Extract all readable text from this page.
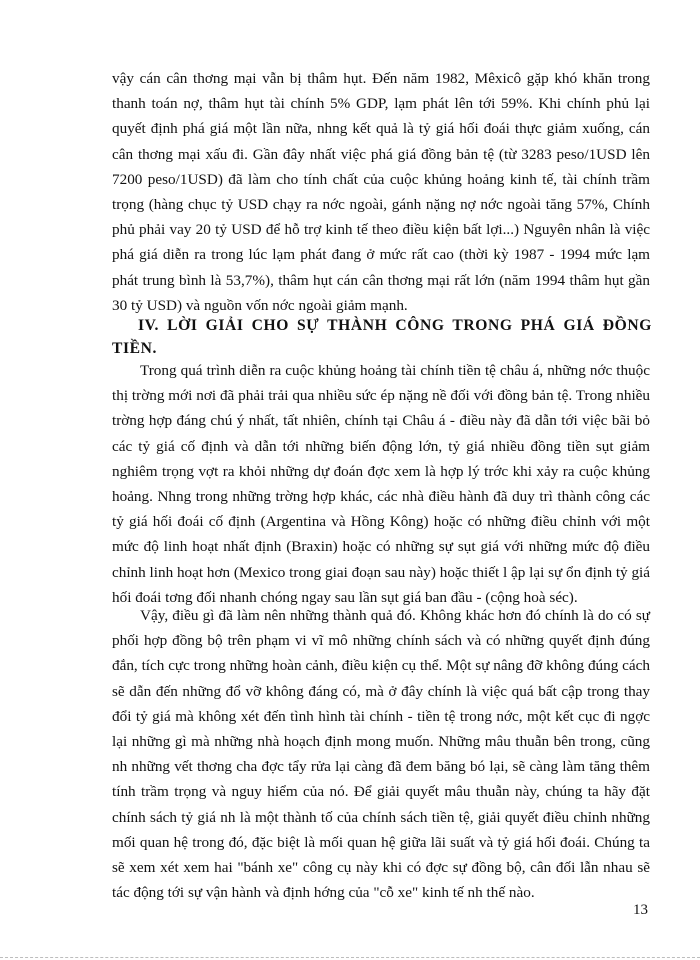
vậy cán cân thơng mại vẫn bị thâm hụt. Đến năm 1982, Mêxicô gặp khó khăn trong thanh toán nợ, thâm hụt tài chính 5% GDP, lạm phát lên tới 59%. Khi chính phủ lại quyết định phá giá một lần nữa, nhng kết quả là tỷ giá hối đoái thực giảm xuống, cán cân thơng mại xấu đi. Gần đây nhất việc phá giá đồng bản tệ (từ 3283 peso/1USD lên 7200 peso/1USD) đã làm cho tính chất của cuộc khủng hoảng kinh tế, tài chính trầm trọng (hàng chục tỷ USD chạy ra nớc ngoài, gánh nặng nợ nớc ngoài tăng 57%, Chính phủ phải vay 20 tỷ USD để hỗ trợ kinh tế theo điều kiện bất lợi...) Nguyên nhân là việc phá giá diễn ra trong lúc lạm phát đang ở mức rất cao (thời kỳ 1987 - 1994 mức lạm phát trung bình là 53,7%), thâm hụt cán cân thơng mại rất lớn (năm 1994 thâm hụt gần 30 tỷ USD) và nguồn vốn nớc ngoài giảm mạnh.

IV. LỜI GIẢI CHO SỰ THÀNH CÔNG TRONG PHÁ GIÁ ĐỒNG TIỀN.

Trong quá trình diễn ra cuộc khủng hoảng tài chính tiền tệ châu á, những nớc thuộc thị trờng mới nơi đã phải trải qua nhiều sức ép nặng nề đối với đồng bản tệ. Trong nhiều trờng hợp đáng chú ý nhất, tất nhiên, chính tại Châu á - điều này đã dẫn tới việc bãi bỏ các tỷ giá cố định và dẫn tới những biến động lớn, tỷ giá nhiều đồng tiền sụt giảm nghiêm trọng vợt ra khỏi những dự đoán đợc xem là hợp lý trớc khi xảy ra cuộc khủng hoảng. Nhng trong những trờng hợp khác, các nhà điều hành đã duy trì thành công các tỷ giá hối đoái cố định (Argentina và Hồng Kông) hoặc có những điều chỉnh với một mức độ linh hoạt nhất định (Braxin) hoặc có những sự sụt giá với những mức độ điều chỉnh linh hoạt hơn (Mexico trong giai đoạn sau này) hoặc thiết l ập lại sự ổn định tỷ giá hối đoái tơng đối nhanh chóng ngay sau lần sụt giá ban đầu - (cộng hoà séc).

Vậy, điều gì đã làm nên những thành quả đó. Không khác hơn đó chính là do có sự phối hợp đồng bộ trên phạm vi vĩ mô những chính sách và có những quyết định đúng đắn, tích cực trong những hoàn cảnh, điều kiện cụ thể. Một sự nâng đỡ không đúng cách sẽ dẫn đến những đổ vỡ không đáng có, mà ở đây chính là việc quá bất cập trong thay đổi tỷ giá mà không xét đến tình hình tài chính - tiền tệ trong nớc, một kết cục đi ngợc lại những gì mà những nhà hoạch định mong muốn. Những mâu thuẫn bên trong, cũng nh những vết thơng cha đợc tẩy rửa lại càng đã đem băng bó lại, sẽ càng làm tăng thêm tính trầm trọng và nguy hiểm của nó. Để giải quyết mâu thuẫn này, chúng ta hãy đặt chính sách tỷ giá nh là một thành tố của chính sách tiền tệ, giải quyết điều chỉnh những mối quan hệ trong đó, đặc biệt là mối quan hệ giữa lãi suất và tỷ giá hối đoái. Chúng ta sẽ xem xét xem hai "bánh xe" công cụ này khi có đợc sự đồng bộ, cân đối lẫn nhau sẽ tác động tới sự vận hành và định hớng của "cỗ xe" kinh tế nh thế nào.

13
